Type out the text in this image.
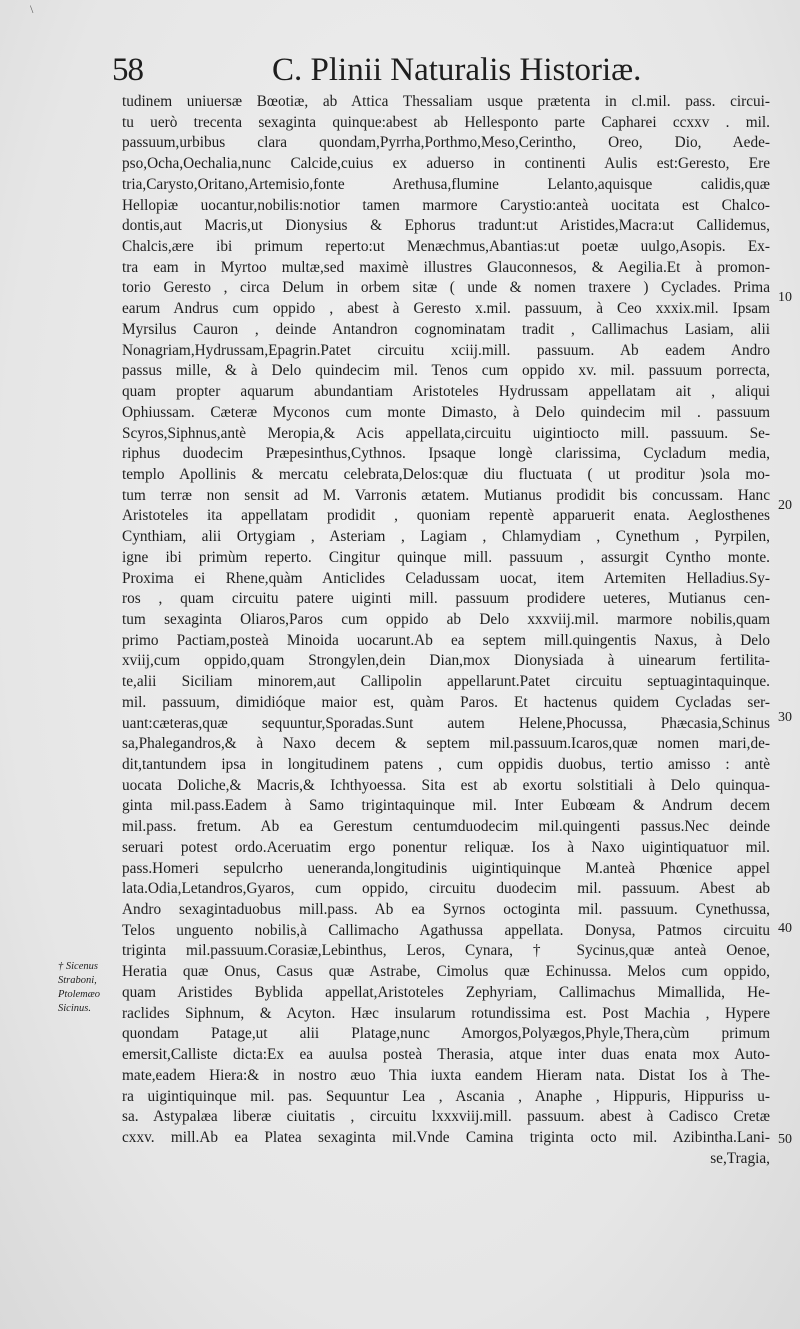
\
58	C. Plinii Naturalis Historiæ.
tudinem uniuersæ Bœotiæ, ab Attica Thessaliam usque prætenta in cl.mil. pass. circui-
tu uerò trecenta sexaginta quinque:abest ab Hellespontо parte Capharei ccxxv . mil.
passuum,urbibus clara quondam,Pyrrha,Porthmo,Meso,Cerintho, Oreo, Dio, Aede-
pso,Ocha,Oechalia,nunc Calcide,cuius ex aduerso in continenti Aulis est:Geresto, Ere
tria,Carysto,Oritano,Artemisio,fonte Arethusa,flumine Lelanto,aquisque calidis,quæ
Hellopiæ uocantur,nobilis:notior tamen marmore Carystio:anteà uocitata est Chalco-
dontis,aut Macris,ut Dionysius & Ephorus tradunt:ut Aristides,Macra:ut Callidemus,
Chalcis,ære ibi primum reperto:ut Menæchmus,Abantias:ut poetæ uulgo,Asopis. Ex-
tra eam in Myrtoo multæ,sed maximè illustres Glauconnesos, & Aegilia.Et à promon-
torio Geresto , circa Delum in orbem sitæ ( unde & nomen traxere ) Cyclades. Prima
earum Andrus cum oppido , abest à Geresto x.mil. passuum, à Ceo xxxix.mil. Ipsam
Myrsilus Cauron , deinde Antandron cognominatam tradit , Callimachus Lasiam, alii
Nonagriam,Hydrussam,Epagrin.Patet circuitu xciij.mill. passuum. Ab eadem Andro
passus mille, & à Delo quindecim mil. Tenos cum oppido xv. mil. passuum porrecta,
quam propter aquarum abundantiam Aristoteles Hydrussam appellatam ait , aliqui
Ophiussam. Cæteræ Myconos cum monte Dimasto, à Delo quindecim mil . passuum
Scyros,Siphnus,antè Meropia,& Acis appellata,circuitu uigintiocto mill. passuum. Se-
riphus duodecim Præpesinthus,Cythnos. Ipsaque longè clarissima, Cycladum media,
templo Apollinis & mercatu celebrata,Delos:quæ diu fluctuata ( ut proditur )sola mo-
tum terræ non sensit ad M. Varronis ætatem. Mutianus prodidit bis concussam. Hanc
Aristoteles ita appellatam prodidit , quoniam repentè apparuerit enata. Aeglosthenes
Cynthiam, alii Ortygiam , Asteriam , Lagiam , Chlamydiam , Cynethum , Pyrpilen,
igne ibi primùm reperto. Cingitur quinque mill. passuum , assurgit Cynthо monte.
Proxima ei Rhene,quàm Anticlides Celadussam uocat, item Artemiten Helladius.Sy-
ros , quam circuitu patere uiginti mill. passuum prodidere ueteres, Mutianus cen-
tum sexaginta Oliaros,Paros cum oppido ab Delo xxxviij.mil. marmore nobilis,quam
primo Pactiam,posteà Minoida uocarunt.Ab ea septem mill.quingentis Naxus, à Delo
xviij,cum oppido,quam Strongylen,dein Dian,mox Dionysiada à uinearum fertilita-
te,alii Siciliam minorem,aut Callipolin appellarunt.Patet circuitu septuagintaquinque.
mil. passuum, dimidióque maior est, quàm Paros. Et hactenus quidem Cycladas ser-
uant:cæteras,quæ sequuntur,Sporadas.Sunt autem Helene,Phocussa, Phæcasia,Schinus
sa,Phalegandros,& à Naxo decem & septem mil.passuum.Icaros,quæ nomen mari,de-
dit,tantundem ipsa in longitudinem patens , cum oppidis duobus, tertio amisso : antè
uocata Doliche,& Macris,& Ichthyoessa. Sita est ab exortu solstitiali à Delo quinqua-
ginta mil.pass.Eadem à Samo trigintaquinque mil. Inter Eubœam & Andrum decem
mil.pass. fretum. Ab ea Gerestum centumduodecim mil.quingenti passus.Nec deinde
seruari potest ordo.Aceruatim ergo ponentur reliquæ. Ios à Naxo uigintiquatuor mil.
pass.Homeri sepulcrho ueneranda,longitudinis uigintiquinque M.anteà Phœnice appel
lata.Odia,Letandros,Gyaros, cum oppido, circuitu duodecim mil. passuum. Abest ab
Andro sexagintaduobus mill.pass. Ab ea Syrnos octoginta mil. passuum. Cynethussa,
Telos unguento nobilis,à Callimacho Agathussa appellata. Donysa, Patmos circuitu
triginta mil.passuum.Corasiæ,Lebinthus, Leros, Cynara, † Sycinus,quæ anteà Oenoe,
Heratia quæ Onus, Casus quæ Astrabe, Cimolus quæ Echinussa. Melos cum oppido,
quam Aristides Byblida appellat,Aristoteles Zephyriam, Callimachus Mimallida, He-
raclides Siphnum, & Acyton. Hæc insularum rotundissima est. Post Machia , Hypere
quondam Patage,ut alii Platage,nunc Amorgos,Polyægos,Phyle,Thera,cùm primum
emersit,Calliste dicta:Ex ea auulsa posteà Therasia, atque inter duas enata mox Auto-
mate,eadem Hiera:& in nostro æuo Thia iuxta eandem Hieram nata. Distat Ios à The-
ra uigintiquinque mil. pas. Sequuntur Lea , Ascania , Anaphe , Hippuris, Hippuriss u-
sa. Astypalæa liberæ ciuitatis , circuitu lxxxviij.mill. passuum. abest à Cadisco Cretæ
cxxv. mill.Ab ea Platea sexaginta mil.Vnde Camina triginta octo mil. Azibintha.Lani-
se,Tragia,
10
20
30
40
50
† Sicenus
Straboni,
Ptolemæo
Sicinus.
